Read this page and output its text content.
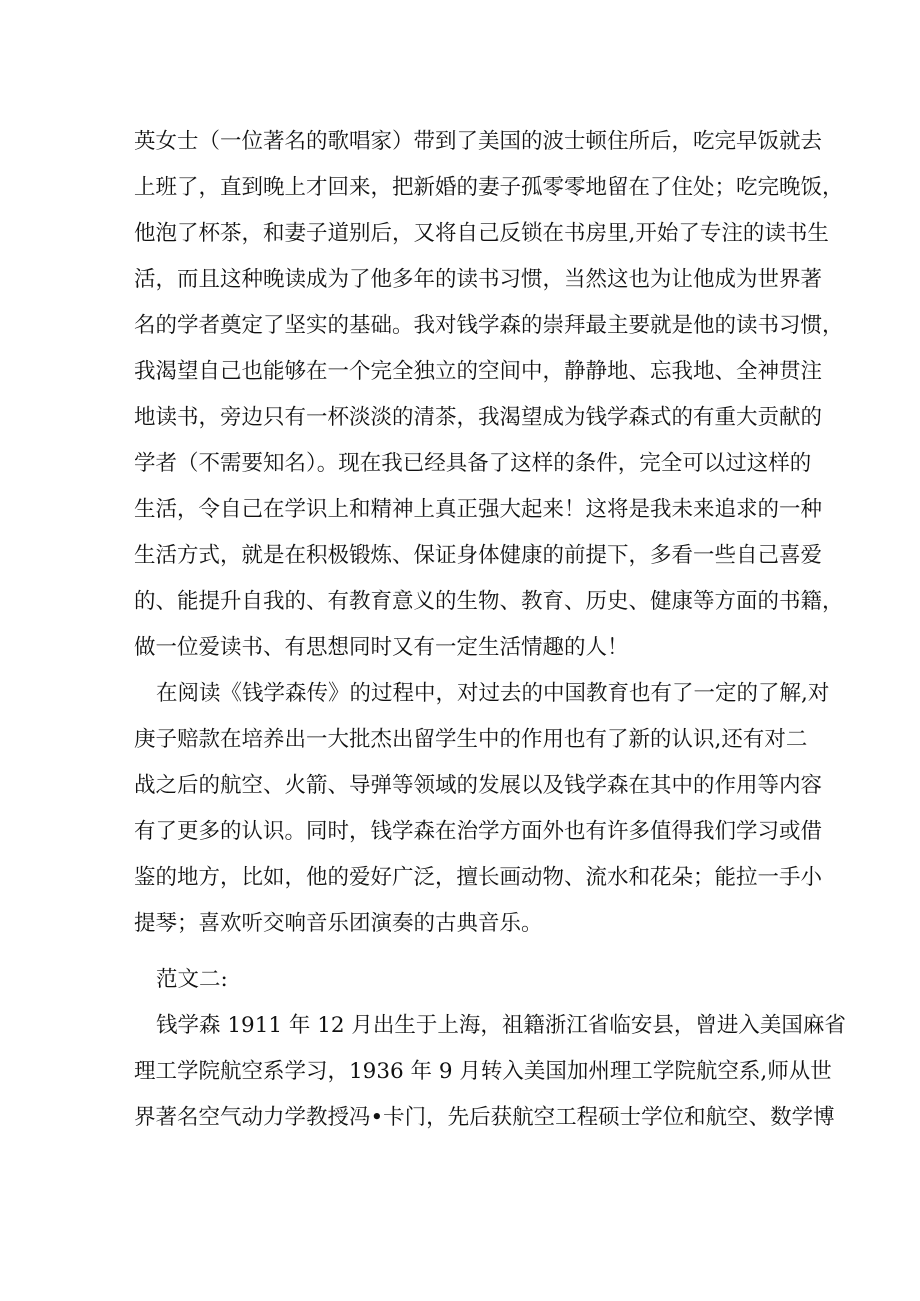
英女士（一位著名的歌唱家）带到了美国的波士顿住所后，吃完早饭就去
上班了，直到晚上才回来，把新婚的妻子孤零零地留在了住处；吃完晚饭，
他泡了杯茶，和妻子道别后，又将自己反锁在书房里,开始了专注的读书生
活，而且这种晚读成为了他多年的读书习惯，当然这也为让他成为世界著
名的学者奠定了坚实的基础。我对钱学森的崇拜最主要就是他的读书习惯，
我渴望自己也能够在一个完全独立的空间中，静静地、忘我地、全神贯注
地读书，旁边只有一杯淡淡的清茶，我渴望成为钱学森式的有重大贡献的
学者（不需要知名）。现在我已经具备了这样的条件，完全可以过这样的
生活，令自己在学识上和精神上真正强大起来！这将是我未来追求的一种
生活方式，就是在积极锻炼、保证身体健康的前提下，多看一些自己喜爱
的、能提升自我的、有教育意义的生物、教育、历史、健康等方面的书籍，
做一位爱读书、有思想同时又有一定生活情趣的人！
在阅读《钱学森传》的过程中，对过去的中国教育也有了一定的了解,对
庚子赔款在培养出一大批杰出留学生中的作用也有了新的认识,还有对二
战之后的航空、火箭、导弹等领域的发展以及钱学森在其中的作用等内容
有了更多的认识。同时，钱学森在治学方面外也有许多值得我们学习或借
鉴的地方，比如，他的爱好广泛，擅长画动物、流水和花朵；能拉一手小
提琴；喜欢听交响音乐团演奏的古典音乐。
范文二:
钱学森 1911 年 12 月出生于上海，祖籍浙江省临安县，曾进入美国麻省
理工学院航空系学习，1936 年 9 月转入美国加州理工学院航空系,师从世
界著名空气动力学教授冯•卡门，先后获航空工程硕士学位和航空、数学博
